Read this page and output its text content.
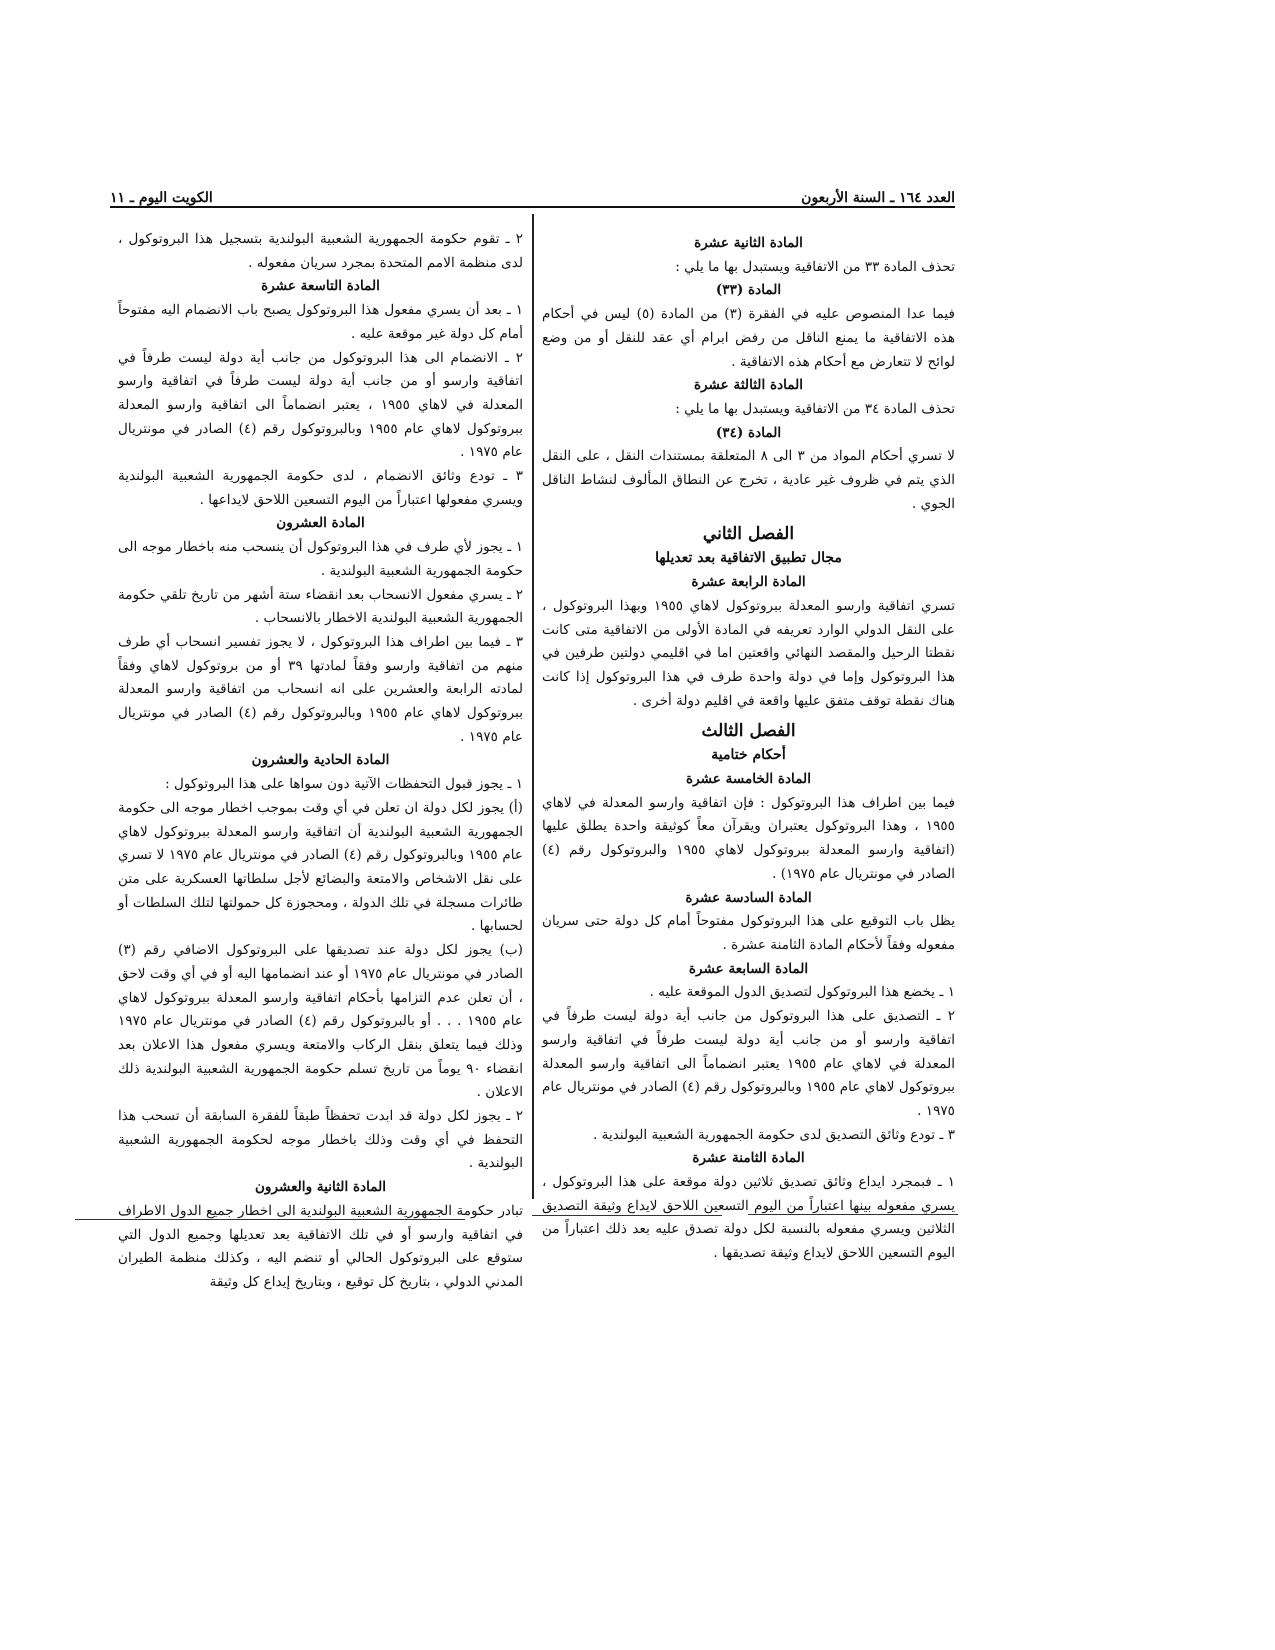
العدد ١٦٤ ـ السنة الأربعون
الكويت اليوم ـ ١١
المادة الثانية عشرة
تحذف المادة ٣٣ من الاتفاقية ويستبدل بها ما يلي :
المادة (٣٣)
فيما عدا المنصوص عليه في الفقرة (٣) من المادة (٥) ليس في أحكام هذه الاتفاقية ما يمنع الناقل من رفض ابرام أي عقد للنقل أو من وضع لوائح لا تتعارض مع أحكام هذه الاتفاقية .
المادة الثالثة عشرة
تحذف المادة ٣٤ من الاتفاقية ويستبدل بها ما يلي :
المادة (٣٤)
لا تسري أحكام المواد من ٣ الى ٨ المتعلقة بمستندات النقل ، على النقل الذي يتم في ظروف غير عادية ، تخرج عن النطاق المألوف لنشاط الناقل الجوي .
الفصل الثاني
مجال تطبيق الاتفاقية بعد تعديلها
المادة الرابعة عشرة
تسري اتفاقية وارسو المعدلة ببروتوكول لاهاي ١٩٥٥ وبهذا البروتوكول ، على النقل الدولي الوارد تعريفه في المادة الأولى من الاتفاقية متى كانت نقطتا الرحيل والمقصد النهائي واقعتين اما في اقليمي دولتين طرفين في هذا البروتوكول وإما في دولة واحدة طرف في هذا البروتوكول إذا كانت هناك نقطة توقف متفق عليها واقعة في اقليم دولة أخرى .
الفصل الثالث
أحكام ختامية
المادة الخامسة عشرة
فيما بين اطراف هذا البروتوكول : فإن اتفاقية وارسو المعدلة في لاهاي ١٩٥٥ ، وهذا البروتوكول يعتبران ويقرآن معاً كوثيقة واحدة يطلق عليها (اتفاقية وارسو المعدلة ببروتوكول لاهاي ١٩٥٥ والبروتوكول رقم (٤) الصادر في مونتريال عام ١٩٧٥) .
المادة السادسة عشرة
يظل باب التوقيع على هذا البروتوكول مفتوحاً أمام كل دولة حتى سريان مفعوله وفقاً لأحكام المادة الثامنة عشرة .
المادة السابعة عشرة
١ ـ يخضع هذا البروتوكول لتصديق الدول الموقعة عليه .
٢ ـ التصديق على هذا البروتوكول من جانب أية دولة ليست طرفاً في اتفاقية وارسو أو من جانب أية دولة ليست طرفاً في اتفاقية وارسو المعدلة في لاهاي عام ١٩٥٥ يعتبر انضماماً الى اتفاقية وارسو المعدلة ببروتوكول لاهاي عام ١٩٥٥ وبالبروتوكول رقم (٤) الصادر في مونتريال عام ١٩٧٥ .
٣ ـ تودع وثائق التصديق لدى حكومة الجمهورية الشعبية البولندية .
المادة الثامنة عشرة
١ ـ فبمجرد ايداع وثائق تصديق ثلاثين دولة موقعة على هذا البروتوكول ، يسري مفعوله بينها اعتباراً من اليوم التسعين اللاحق لايداع وثيقة التصديق الثلاثين ويسري مفعوله بالنسبة لكل دولة تصدق عليه بعد ذلك اعتباراً من اليوم التسعين اللاحق لايداع وثيقة تصديقها .
٢ ـ تقوم حكومة الجمهورية الشعبية البولندية بتسجيل هذا البروتوكول ، لدى منظمة الامم المتحدة بمجرد سريان مفعوله .
المادة التاسعة عشرة
١ ـ بعد أن يسري مفعول هذا البروتوكول يصبح باب الانضمام اليه مفتوحاً أمام كل دولة غير موقعة عليه .
٢ ـ الانضمام الى هذا البروتوكول من جانب أية دولة ليست طرفاً في اتفاقية وارسو أو من جانب أية دولة ليست طرفاً في اتفاقية وارسو المعدلة في لاهاي ١٩٥٥ ، يعتبر انضماماً الى اتفاقية وارسو المعدلة ببروتوكول لاهاي عام ١٩٥٥ وبالبروتوكول رقم (٤) الصادر في مونتريال عام ١٩٧٥ .
٣ ـ تودع وثائق الانضمام ، لدى حكومة الجمهورية الشعبية البولندية ويسري مفعولها اعتباراً من اليوم التسعين اللاحق لايداعها .
المادة العشرون
١ ـ يجوز لأي طرف في هذا البروتوكول أن ينسحب منه باخطار موجه الى حكومة الجمهورية الشعبية البولندية .
٢ ـ يسري مفعول الانسحاب بعد انقضاء ستة أشهر من تاريخ تلقي حكومة الجمهورية الشعبية البولندية الاخطار بالانسحاب .
٣ ـ فيما بين اطراف هذا البروتوكول ، لا يجوز تفسير انسحاب أي طرف منهم من اتفاقية وارسو وفقاً لمادتها ٣٩ أو من بروتوكول لاهاي وفقاً لمادته الرابعة والعشرين على انه انسحاب من اتفاقية وارسو المعدلة ببروتوكول لاهاي عام ١٩٥٥ وبالبروتوكول رقم (٤) الصادر في مونتريال عام ١٩٧٥ .
المادة الحادية والعشرون
١ ـ يجوز قبول التحفظات الآتية دون سواها على هذا البروتوكول :
(أ) يجوز لكل دولة ان تعلن في أي وقت بموجب اخطار موجه الى حكومة الجمهورية الشعبية البولندية أن اتفاقية وارسو المعدلة ببروتوكول لاهاي عام ١٩٥٥ وبالبروتوكول رقم (٤) الصادر في مونتريال عام ١٩٧٥ لا تسري على نقل الاشخاص والامتعة والبضائع لأجل سلطاتها العسكرية على متن طائرات مسجلة في تلك الدولة ، ومحجوزة كل حمولتها لتلك السلطات أو لحسابها .
(ب) يجوز لكل دولة عند تصديقها على البروتوكول الاضافي رقم (٣) الصادر في مونتريال عام ١٩٧٥ أو عند انضمامها اليه أو في أي وقت لاحق ، أن تعلن عدم التزامها بأحكام اتفاقية وارسو المعدلة ببروتوكول لاهاي عام ١٩٥٥ . . . أو بالبروتوكول رقم (٤) الصادر في مونتريال عام ١٩٧٥ وذلك فيما يتعلق بنقل الركاب والامتعة ويسري مفعول هذا الاعلان بعد انقضاء ٩٠ يوماً من تاريخ تسلم حكومة الجمهورية الشعبية البولندية ذلك الاعلان .
٢ ـ يجوز لكل دولة قد ابدت تحفظاً طبقاً للفقرة السابقة أن تسحب هذا التحفظ في أي وقت وذلك باخطار موجه لحكومة الجمهورية الشعبية البولندية .
المادة الثانية والعشرون
تبادر حكومة الجمهورية الشعبية البولندية الى اخطار جميع الدول الاطراف في اتفاقية وارسو أو في تلك الاتفاقية بعد تعديلها وجميع الدول التي ستوقع على البروتوكول الحالي أو تنضم اليه ، وكذلك منظمة الطيران المدني الدولي ، بتاريخ كل توقيع ، وبتاريخ إيداع كل وثيقة
